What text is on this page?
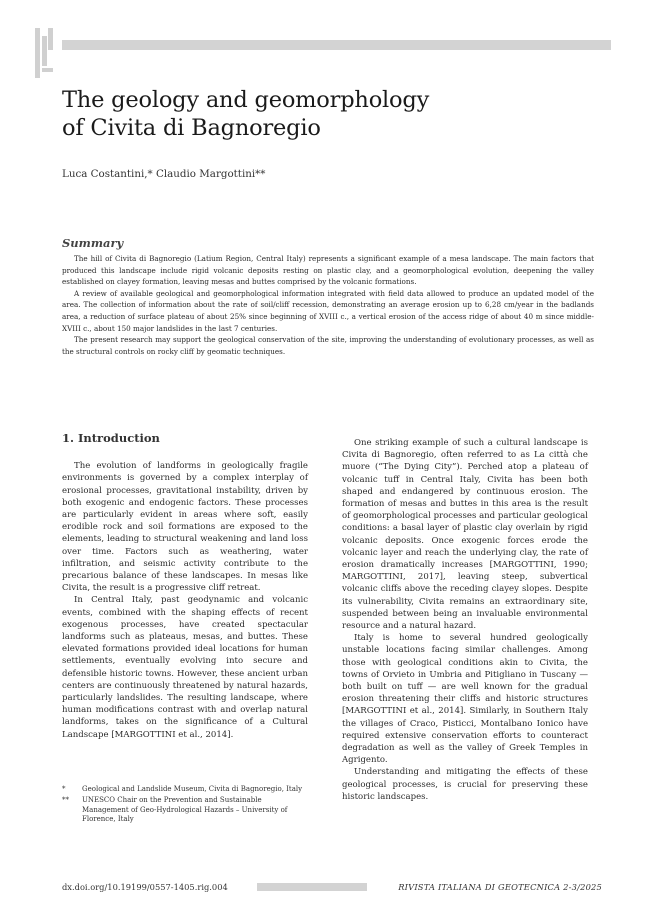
The geology and geomorphology
of Civita di Bagnoregio
Luca Costantini,* Claudio Margottini**
Summary

The hill of Civita di Bagnoregio (Latium Region, Central Italy) represents a significant example of a mesa landscape. The main factors that produced this landscape include rigid volcanic deposits resting on plastic clay, and a geomorphological evolution, deepening the valley established on clayey formation, leaving mesas and buttes comprised by the volcanic formations.

A review of available geological and geomorphological information integrated with field data allowed to produce an updated model of the area. The collection of information about the rate of soil/cliff recession, demonstrating an average erosion up to 6,28 cm/year in the badlands area, a reduction of surface plateau of about 25% since beginning of XVIII c., a vertical erosion of the access ridge of about 40 m since middle-XVIII c., about 150 major landslides in the last 7 centuries.

The present research may support the geological conservation of the site, improving the understanding of evolutionary processes, as well as the structural controls on rocky cliff by geomatic techniques.

1. Introduction

The evolution of landforms in geologically fragile environments is governed by a complex interplay of erosional processes, gravitational instability, driven by both exogenic and endogenic factors. These processes are particularly evident in areas where soft, easily erodible rock and soil formations are exposed to the elements, leading to structural weakening and land loss over time. Factors such as weathering, water infiltration, and seismic activity contribute to the precarious balance of these landscapes. In mesas like Civita, the result is a progressive cliff retreat.

In Central Italy, past geodynamic and volcanic events, combined with the shaping effects of recent exogenous processes, have created spectacular landforms such as plateaus, mesas, and buttes. These elevated formations provided ideal locations for human settlements, eventually evolving into secure and defensible historic towns. However, these ancient urban centers are continuously threatened by natural hazards, particularly landslides. The resulting landscape, where human modifications contrast with and overlap natural landforms, takes on the significance of a Cultural Landscape [MARGOTTINI et al., 2014].

One striking example of such a cultural landscape is Civita di Bagnoregio, often referred to as La città che muore (“The Dying City”). Perched atop a plateau of volcanic tuff in Central Italy, Civita has been both shaped and endangered by continuous erosion. The formation of mesas and buttes in this area is the result of geomorphological processes and particular geological conditions: a basal layer of plastic clay overlain by rigid volcanic deposits. Once exogenic forces erode the volcanic layer and reach the underlying clay, the rate of erosion dramatically increases [MARGOTTINI, 1990; MARGOTTINI, 2017], leaving steep, subvertical volcanic cliffs above the receding clayey slopes. Despite its vulnerability, Civita remains an extraordinary site, suspended between being an invaluable environmental resource and a natural hazard.

Italy is home to several hundred geologically unstable locations facing similar challenges. Among those with geological conditions akin to Civita, the towns of Orvieto in Umbria and Pitigliano in Tuscany — both built on tuff — are well known for the gradual erosion threatening their cliffs and historic structures [MARGOTTINI et al., 2014]. Similarly, in Southern Italy the villages of Craco, Pisticci, Montalbano Ionico have required extensive conservation efforts to counteract degradation as well as the valley of Greek Temples in Agrigento.

Understanding and mitigating the effects of these geological processes, is crucial for preserving these historic landscapes.

*	Geological and Landslide Museum, Civita di Bagnoregio, Italy
**	UNESCO Chair on the Prevention and Sustainable Management of Geo-Hydrological Hazards – University of Florence, Italy
dx.doi.org/10.19199/0557-1405.rig.004	RIVISTA ITALIANA DI GEOTECNICA 2-3/2025
